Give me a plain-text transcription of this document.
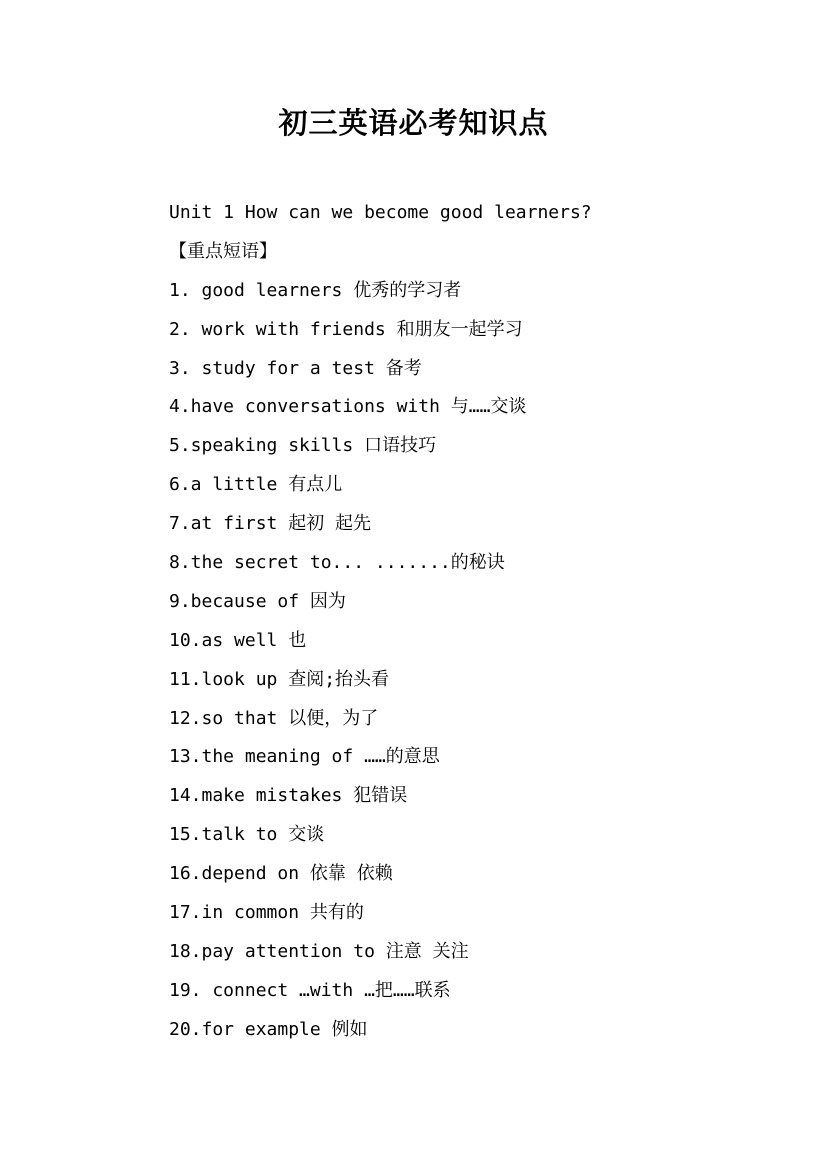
初三英语必考知识点
Unit 1 How can we become good learners?
【重点短语】
1. good learners 优秀的学习者
2. work with friends 和朋友一起学习
3. study for a test 备考
4.have conversations with 与……交谈
5.speaking skills 口语技巧
6.a little 有点儿
7.at first 起初 起先
8.the secret to... .......的秘诀
9.because of 因为
10.as well 也
11.look up 查阅;抬头看
12.so that 以便，为了
13.the meaning of ……的意思
14.make mistakes 犯错误
15.talk to 交谈
16.depend on 依靠 依赖
17.in common 共有的
18.pay attention to 注意 关注
19. connect …with …把……联系
20.for example 例如
